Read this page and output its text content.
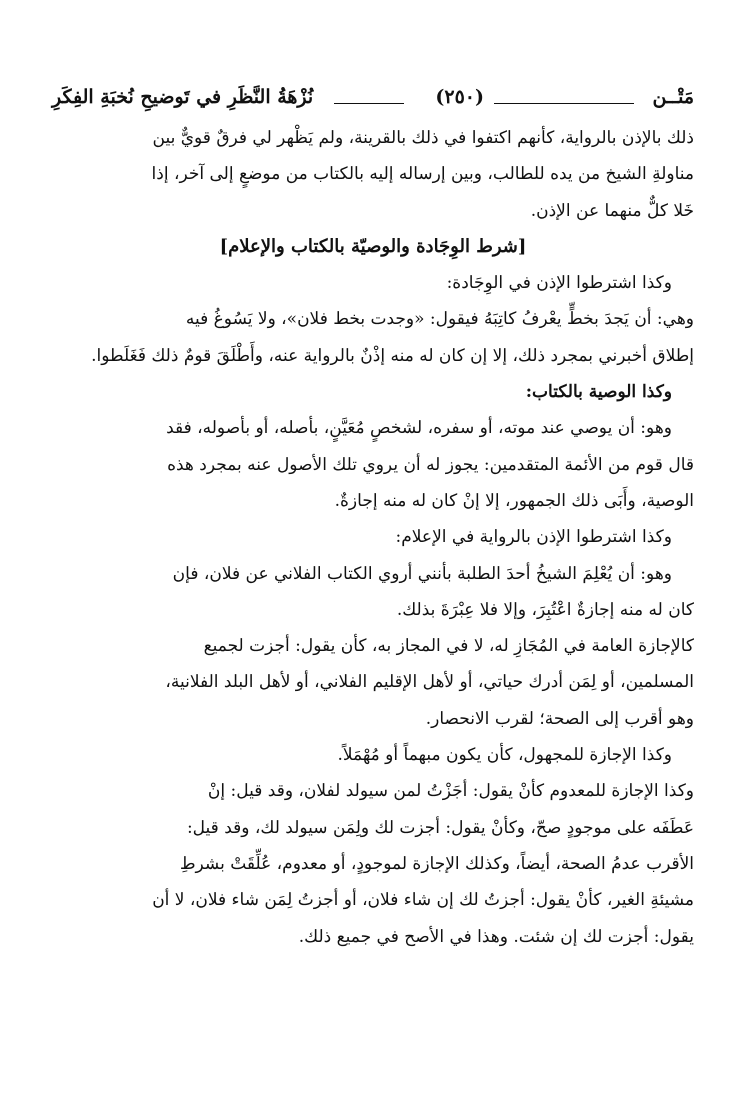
مَتْــن
(٢٥٠)
نُزْهَةُ النَّظَرِ في تَوضيحِ نُخبَةِ الفِكَرِ
ذلك بالإذن بالرواية، كأنهم اكتفوا في ذلك بالقرينة، ولم يَظْهر لي فرقٌ قويٌّ بين
مناولةِ الشيخ من يده للطالب، وبين إرساله إليه بالكتاب من موضعٍ إلى آخر، إذا
خَلا كلٌّ منهما عن الإذن.
[شرط الوِجَادة والوصيّة بالكتاب والإعلام]
وكذا اشترطوا الإذن في الوِجَادة:
وهي: أن يَجدَ بخطٍّ يعْرفُ كاتِبَهُ فيقول: «وجدت بخط فلان»، ولا يَسُوغُ فيه
إطلاق أخبرني بمجرد ذلك، إلا إن كان له منه إذْنٌ بالرواية عنه، وأَطْلَقَ قومٌ ذلك فَغَلَطوا.
وكذا الوصية بالكتاب:
وهو: أن يوصي عند موته، أو سفره، لشخصٍ مُعَيَّنٍ، بأصله، أو بأصوله، فقد
قال قوم من الأئمة المتقدمين: يجوز له أن يروي تلك الأصول عنه بمجرد هذه
الوصية، وأَبَى ذلك الجمهور، إلا إنْ كان له منه إجازةٌ.
وكذا اشترطوا الإذن بالرواية في الإعلام:
وهو: أن يُعْلِمَ الشيخُ أحدَ الطلبة بأنني أروي الكتاب الفلاني عن فلان، فإن
كان له منه إجازةٌ اعْتُبِرَ، وإلا فلا عِبْرَةَ بذلك.
كالإجازة العامة في المُجَازِ له، لا في المجاز به، كأن يقول: أجزت لجميع
المسلمين، أو لِمَن أدرك حياتي، أو لأهل الإقليم الفلاني، أو لأهل البلد الفلانية،
وهو أقرب إلى الصحة؛ لقرب الانحصار.
وكذا الإجازة للمجهول، كأن يكون مبهماً أو مُهْمَلاً.
وكذا الإجازة للمعدوم كأنْ يقول: أجَزْتُ لمن سيولد لفلان، وقد قيل: إنْ
عَطَفَه على موجودٍ صحّ، وكأنْ يقول: أجزت لك ولِمَن سيولد لك، وقد قيل:
الأقرب عدمُ الصحة، أيضاً، وكذلك الإجازة لموجودٍ، أو معدوم، عُلِّقَتْ بشرطِ
مشيئةِ الغير، كأنْ يقول: أجزتُ لك إن شاء فلان، أو أجزتُ لِمَن شاء فلان، لا أن
يقول: أجزت لك إن شئت. وهذا في الأصح في جميع ذلك.
